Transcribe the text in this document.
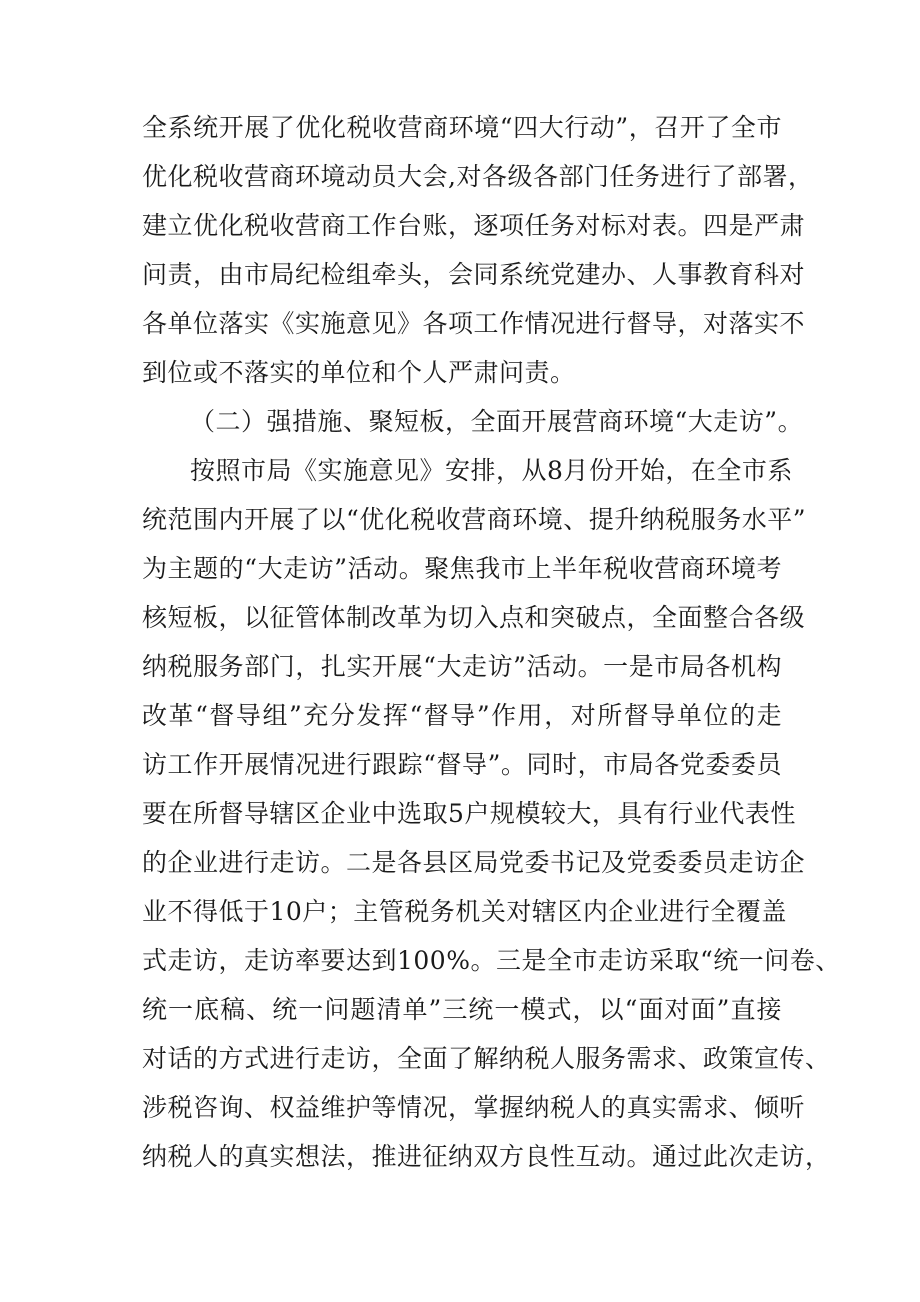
全系统开展了优化税收营商环境“四大行动”，召开了全市
优化税收营商环境动员大会,对各级各部门任务进行了部署，
建立优化税收营商工作台账，逐项任务对标对表。四是严肃
问责，由市局纪检组牵头，会同系统党建办、人事教育科对
各单位落实《实施意见》各项工作情况进行督导，对落实不
到位或不落实的单位和个人严肃问责。
（二）强措施、聚短板，全面开展营商环境“大走访”。
按照市局《实施意见》安排，从8月份开始，在全市系
统范围内开展了以“优化税收营商环境、提升纳税服务水平”
为主题的“大走访”活动。聚焦我市上半年税收营商环境考
核短板，以征管体制改革为切入点和突破点，全面整合各级
纳税服务部门，扎实开展“大走访”活动。一是市局各机构
改革“督导组”充分发挥“督导”作用，对所督导单位的走
访工作开展情况进行跟踪“督导”。同时，市局各党委委员
要在所督导辖区企业中选取5户规模较大，具有行业代表性
的企业进行走访。二是各县区局党委书记及党委委员走访企
业不得低于10户；主管税务机关对辖区内企业进行全覆盖
式走访，走访率要达到100%。三是全市走访采取“统一问卷、
统一底稿、统一问题清单”三统一模式，以“面对面”直接
对话的方式进行走访，全面了解纳税人服务需求、政策宣传、
涉税咨询、权益维护等情况，掌握纳税人的真实需求、倾听
纳税人的真实想法，推进征纳双方良性互动。通过此次走访，
